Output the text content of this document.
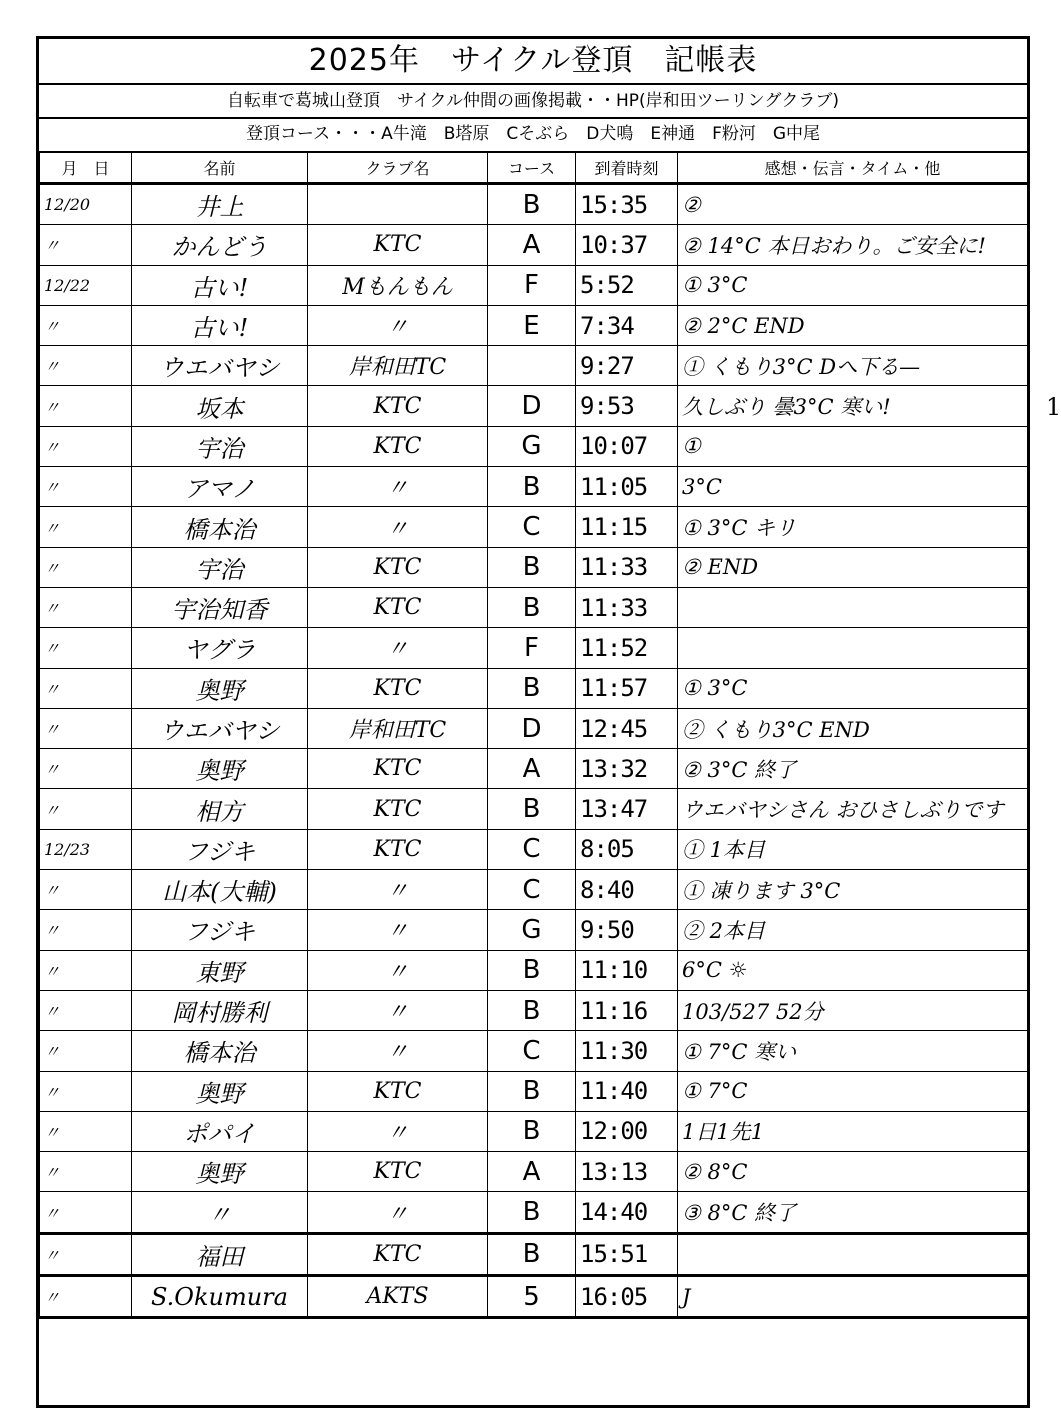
2025年　サイクル登頂　記帳表
自転車で葛城山登頂　サイクル仲間の画像掲載・・HP(岸和田ツーリングクラブ)
登頂コース・・・A牛滝　B塔原　Cそぶら　D犬鳴　E神通　F粉河　G中尾
月　日	名前	クラブ名	コース	到着時刻	感想・伝言・タイム・他
12/20	井上		B	15:35	②
〃	かんどう	KTC	A	10:37	② 14°C 本日おわり。ご安全に!
12/22	古い!	Mもんもん	F	5:52	① 3°C
〃	古い!	〃	E	7:34	② 2°C END
〃	ウエバヤシ	岸和田TC		9:27	① くもり3°C Dへ下る—
〃	坂本	KTC	D	9:53	久しぶり 曇3°C 寒い!
〃	宇治	KTC	G	10:07	①
〃	アマノ	〃	B	11:05	3°C
〃	橋本治	〃	C	11:15	① 3°C キリ
〃	宇治	KTC	B	11:33	② END
〃	宇治知香	KTC	B	11:33	
〃	ヤグラ	〃	F	11:52	
〃	奥野	KTC	B	11:57	① 3°C
〃	ウエバヤシ	岸和田TC	D	12:45	② くもり3°C END
〃	奥野	KTC	A	13:32	② 3°C 終了
〃	相方	KTC	B	13:47	ウエバヤシさん おひさしぶりです
12/23	フジキ	KTC	C	8:05	① 1本目
〃	山本(大輔)	〃	C	8:40	① 凍ります 3°C
〃	フジキ	〃	G	9:50	② 2本目
〃	東野	〃	B	11:10	6°C ☼
〃	岡村勝利	〃	B	11:16	103/527 52分
〃	橋本治	〃	C	11:30	① 7°C 寒い
〃	奥野	KTC	B	11:40	① 7°C
〃	ポパイ	〃	B	12:00	1日1先1
〃	奥野	KTC	A	13:13	② 8°C
〃	〃	〃	B	14:40	③ 8°C 終了
〃	福田	KTC	B	15:51	
〃	S.Okumura	AKTS	5	16:05	J
1
